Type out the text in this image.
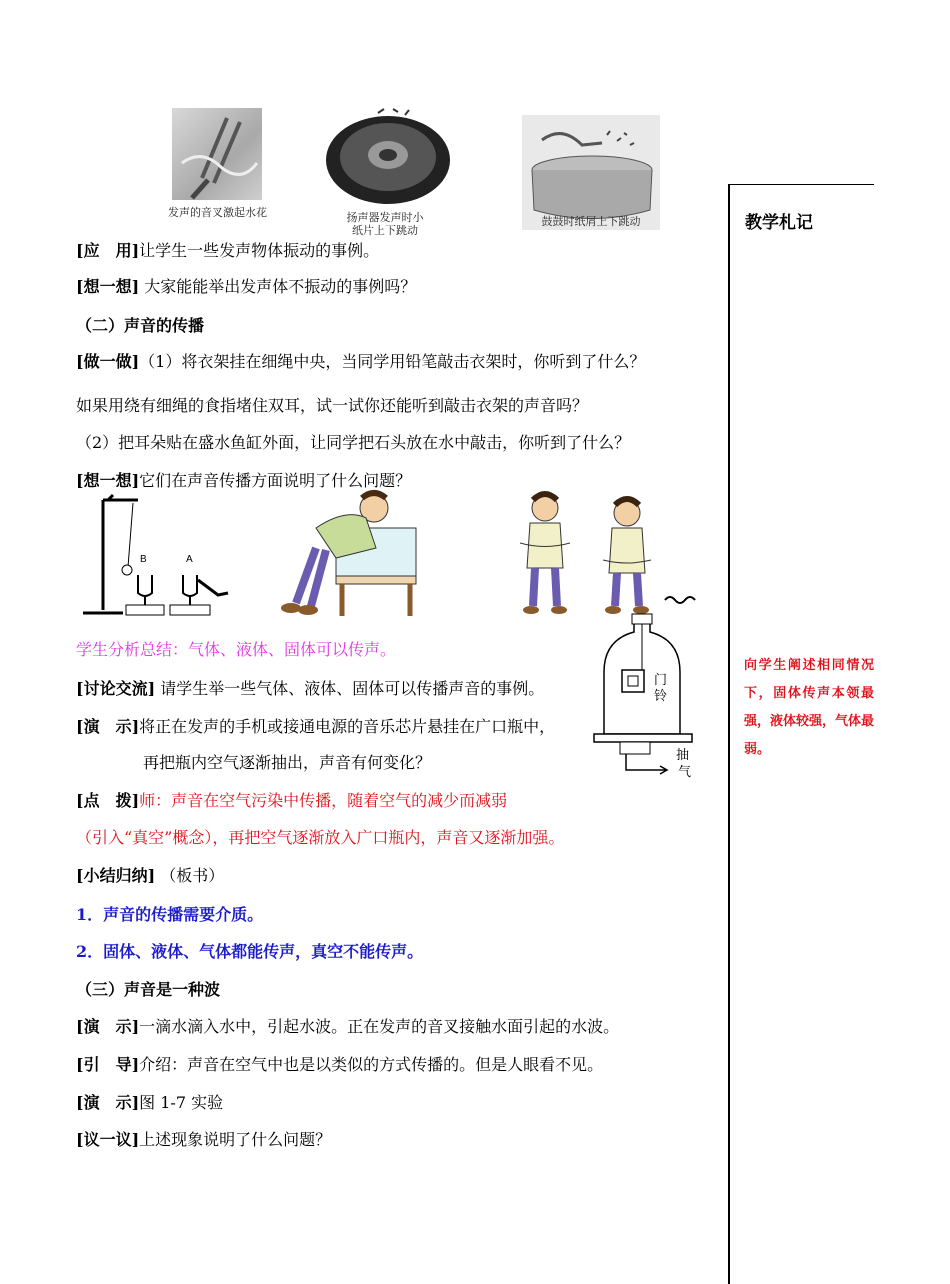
发声的音叉激起水花	扬声器发声时小
纸片上下跳动
鼓鼓时纸屑上下跳动	教学札记
向学生阐述相同情况下，固体传声本领最强，液体较强，气体最弱。
[应　用]让学生一些发声物体振动的事例。
[想一想] 大家能能举出发声体不振动的事例吗？
（二）声音的传播
[做一做]（1）将衣架挂在细绳中央，当同学用铅笔敲击衣架时，你听到了什么？
如果用绕有细绳的食指堵住双耳，试一试你还能听到敲击衣架的声音吗？
（2）把耳朵贴在盛水鱼缸外面，让同学把石头放在水中敲击，你听到了什么？
[想一想]它们在声音传播方面说明了什么问题？
B	A
门
铃
抽
气
学生分析总结：气体、液体、固体可以传声。
[讨论交流] 请学生举一些气体、液体、固体可以传播声音的事例。
[演　示]将正在发声的手机或接通电源的音乐芯片悬挂在广口瓶中，
再把瓶内空气逐渐抽出，声音有何变化？
[点　拨]师：声音在空气污染中传播，随着空气的减少而减弱
（引入“真空”概念），再把空气逐渐放入广口瓶内，声音又逐渐加强。
[小结归纳] （板书）
1．声音的传播需要介质。
2．固体、液体、气体都能传声，真空不能传声。
（三）声音是一种波
[演　示]一滴水滴入水中，引起水波。正在发声的音叉接触水面引起的水波。
[引　导]介绍：声音在空气中也是以类似的方式传播的。但是人眼看不见。
[演　示]图 1-7 实验
[议一议]上述现象说明了什么问题？
